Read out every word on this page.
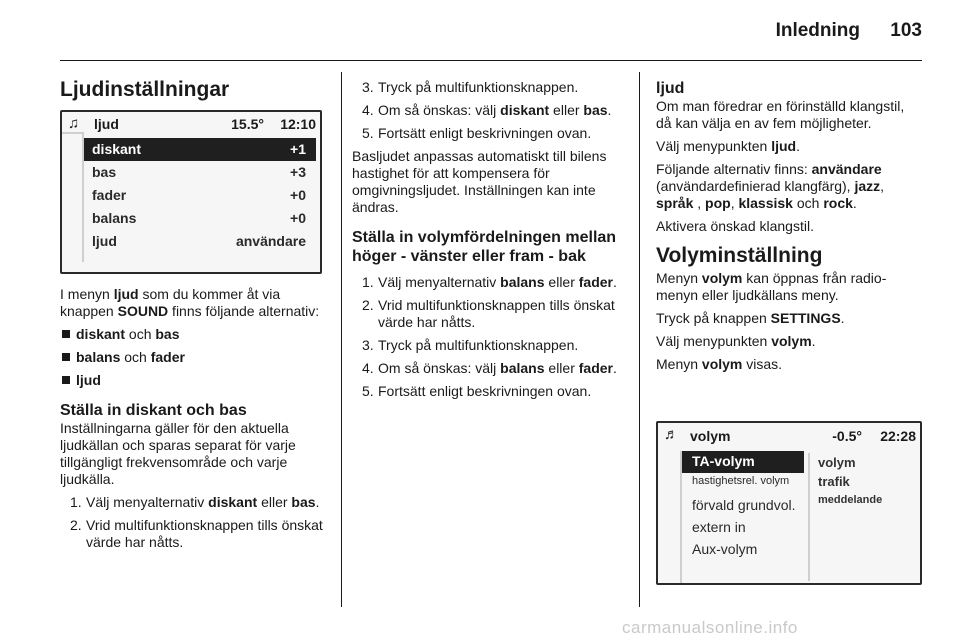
Inledning	103
Ljudinställningar
♫ ljud	15.5° 12:10
diskant	+1
bas	+3
fader	+0
balans	+0
ljud	användare

I menyn ljud som du kommer åt via knappen SOUND finns följande alternativ:

diskant och bas
balans och fader
ljud
Ställa in diskant och bas

Inställningarna gäller för den aktuella ljudkällan och sparas separat för varje tillgängligt frekvensområde och varje ljudkälla.

1. Välj menyalternativ diskant eller bas.
2. Vrid multifunktionsknappen tills önskat värde har nåtts.
3. Tryck på multifunktionsknappen.
4. Om så önskas: välj diskant eller bas.
5. Fortsätt enligt beskrivningen ovan.

Basljudet anpassas automatiskt till bilens hastighet för att kompensera för omgivningsljudet. Inställningen kan inte ändras.

Ställa in volymfördelningen mellan höger - vänster eller fram - bak
1. Välj menyalternativ balans eller fader.
2. Vrid multifunktionsknappen tills önskat värde har nåtts.
3. Tryck på multifunktionsknappen.
4. Om så önskas: välj balans eller fader.
5. Fortsätt enligt beskrivningen ovan.
ljud

Om man föredrar en förinställd klangstil, då kan välja en av fem möjligheter.

Välj menypunkten ljud.

Följande alternativ finns: användare (användardefinierad klangfärg), jazz, språk , pop, klassisk och rock.

Aktivera önskad klangstil.

Volyminställning

Menyn volym kan öppnas från radiomenyn eller ljudkällans meny.

Tryck på knappen SETTINGS.

Välj menypunkten volym.

Menyn volym visas.

♬ volym	-0.5° 22:28
TA-volym
hastighetsrel. volym
förvald grundvol.
extern in
Aux-volym
volym
trafik
meddelande
carmanualsonline.info
